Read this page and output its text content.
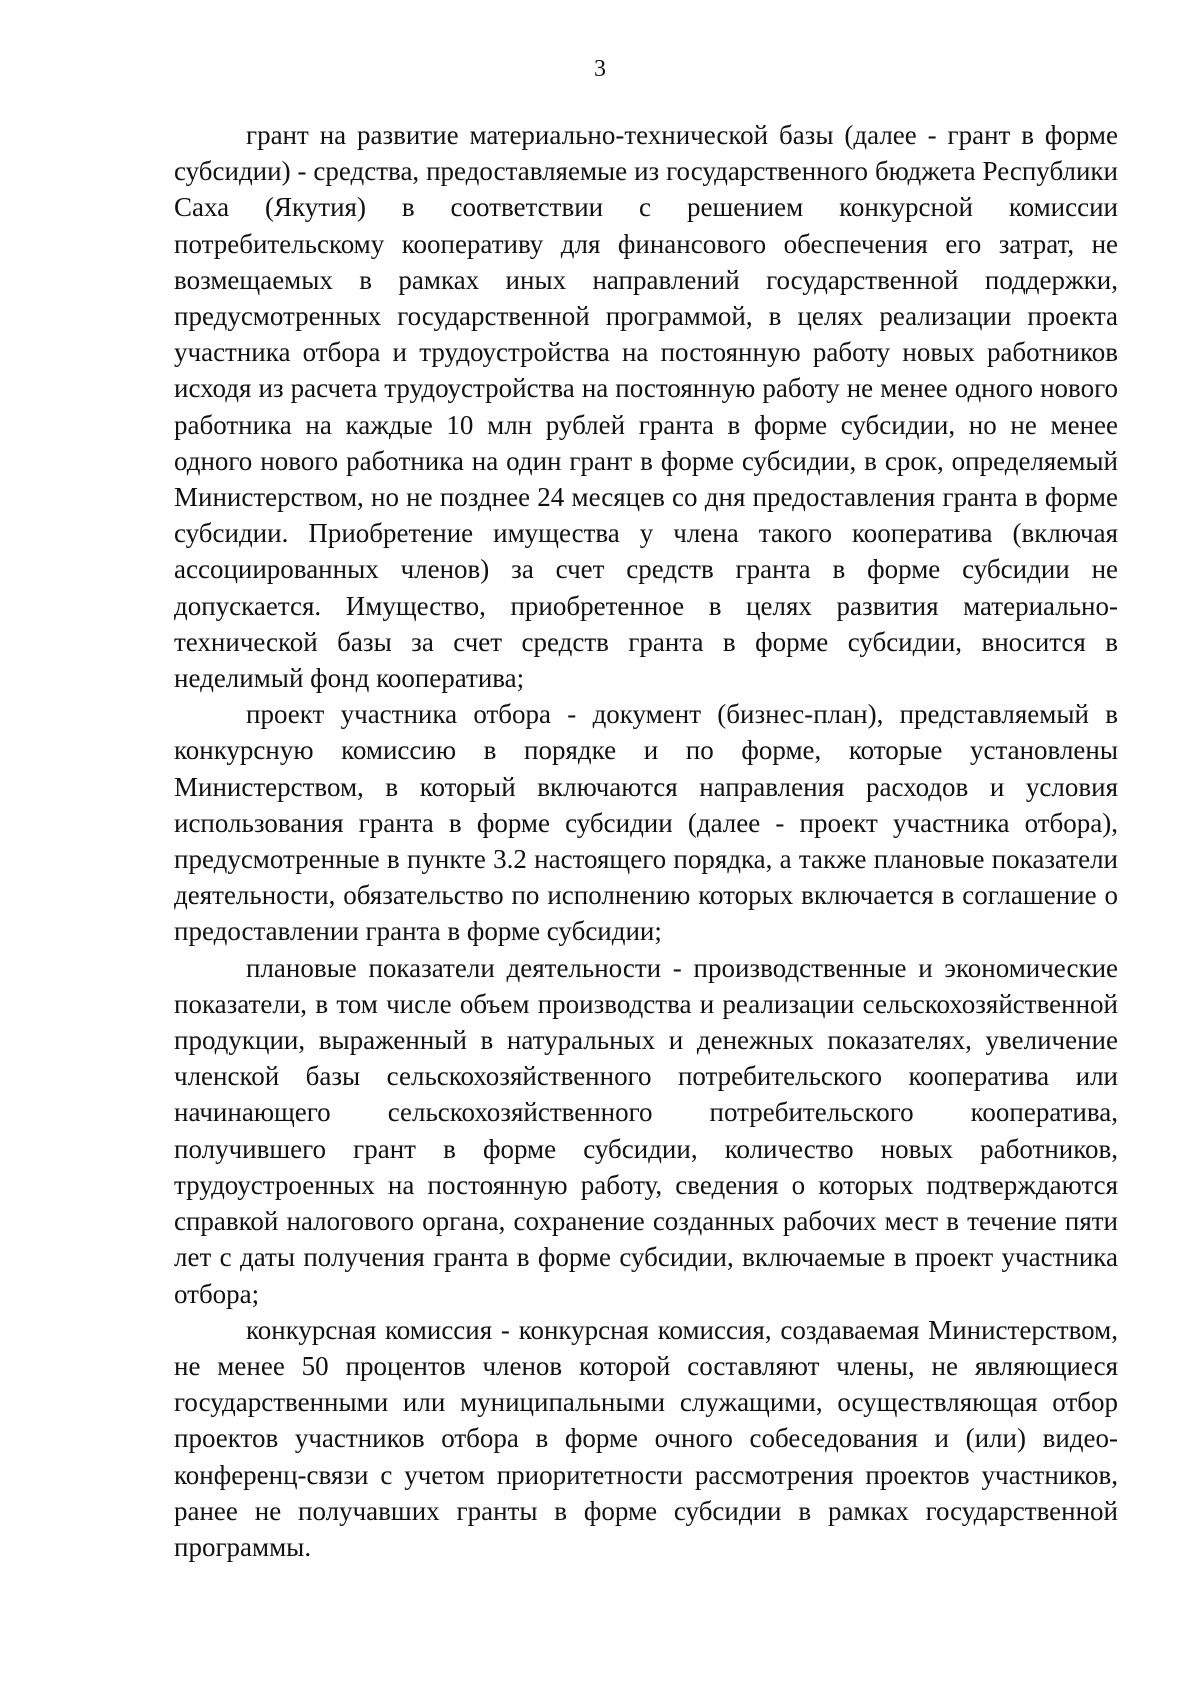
3

грант на развитие материально-технической базы (далее - грант в форме субсидии) - средства, предоставляемые из государственного бюджета Республики Саха (Якутия) в соответствии с решением конкурсной комиссии потребительскому кооперативу для финансового обеспечения его затрат, не возмещаемых в рамках иных направлений государственной поддержки, предусмотренных государственной программой, в целях реализации проекта участника отбора и трудоустройства на постоянную работу новых работников исходя из расчета трудоустройства на постоянную работу не менее одного нового работника на каждые 10 млн рублей гранта в форме субсидии, но не менее одного нового работника на один грант в форме субсидии, в срок, определяемый Министерством, но не позднее 24 месяцев со дня предоставления гранта в форме субсидии. Приобретение имущества у члена такого кооператива (включая ассоциированных членов) за счет средств гранта в форме субсидии не допускается. Имущество, приобретенное в целях развития материально-технической базы за счет средств гранта в форме субсидии, вносится в неделимый фонд кооператива;

проект участника отбора - документ (бизнес-план), представляемый в конкурсную комиссию в порядке и по форме, которые установлены Министерством, в который включаются направления расходов и условия использования гранта в форме субсидии (далее - проект участника отбора), предусмотренные в пункте 3.2 настоящего порядка, а также плановые показатели деятельности, обязательство по исполнению которых включается в соглашение о предоставлении гранта в форме субсидии;

плановые показатели деятельности - производственные и экономические показатели, в том числе объем производства и реализации сельскохозяйственной продукции, выраженный в натуральных и денежных показателях, увеличение членской базы сельскохозяйственного потребительского кооператива или начинающего сельскохозяйственного потребительского кооператива, получившего грант в форме субсидии, количество новых работников, трудоустроенных на постоянную работу, сведения о которых подтверждаются справкой налогового органа, сохранение созданных рабочих мест в течение пяти лет с даты получения гранта в форме субсидии, включаемые в проект участника отбора;

конкурсная комиссия - конкурсная комиссия, создаваемая Министерством, не менее 50 процентов членов которой составляют члены, не являющиеся государственными или муниципальными служащими, осуществляющая отбор проектов участников отбора в форме очного собеседования и (или) видео-конференц-связи с учетом приоритетности рассмотрения проектов участников, ранее не получавших гранты в форме субсидии в рамках государственной программы.
